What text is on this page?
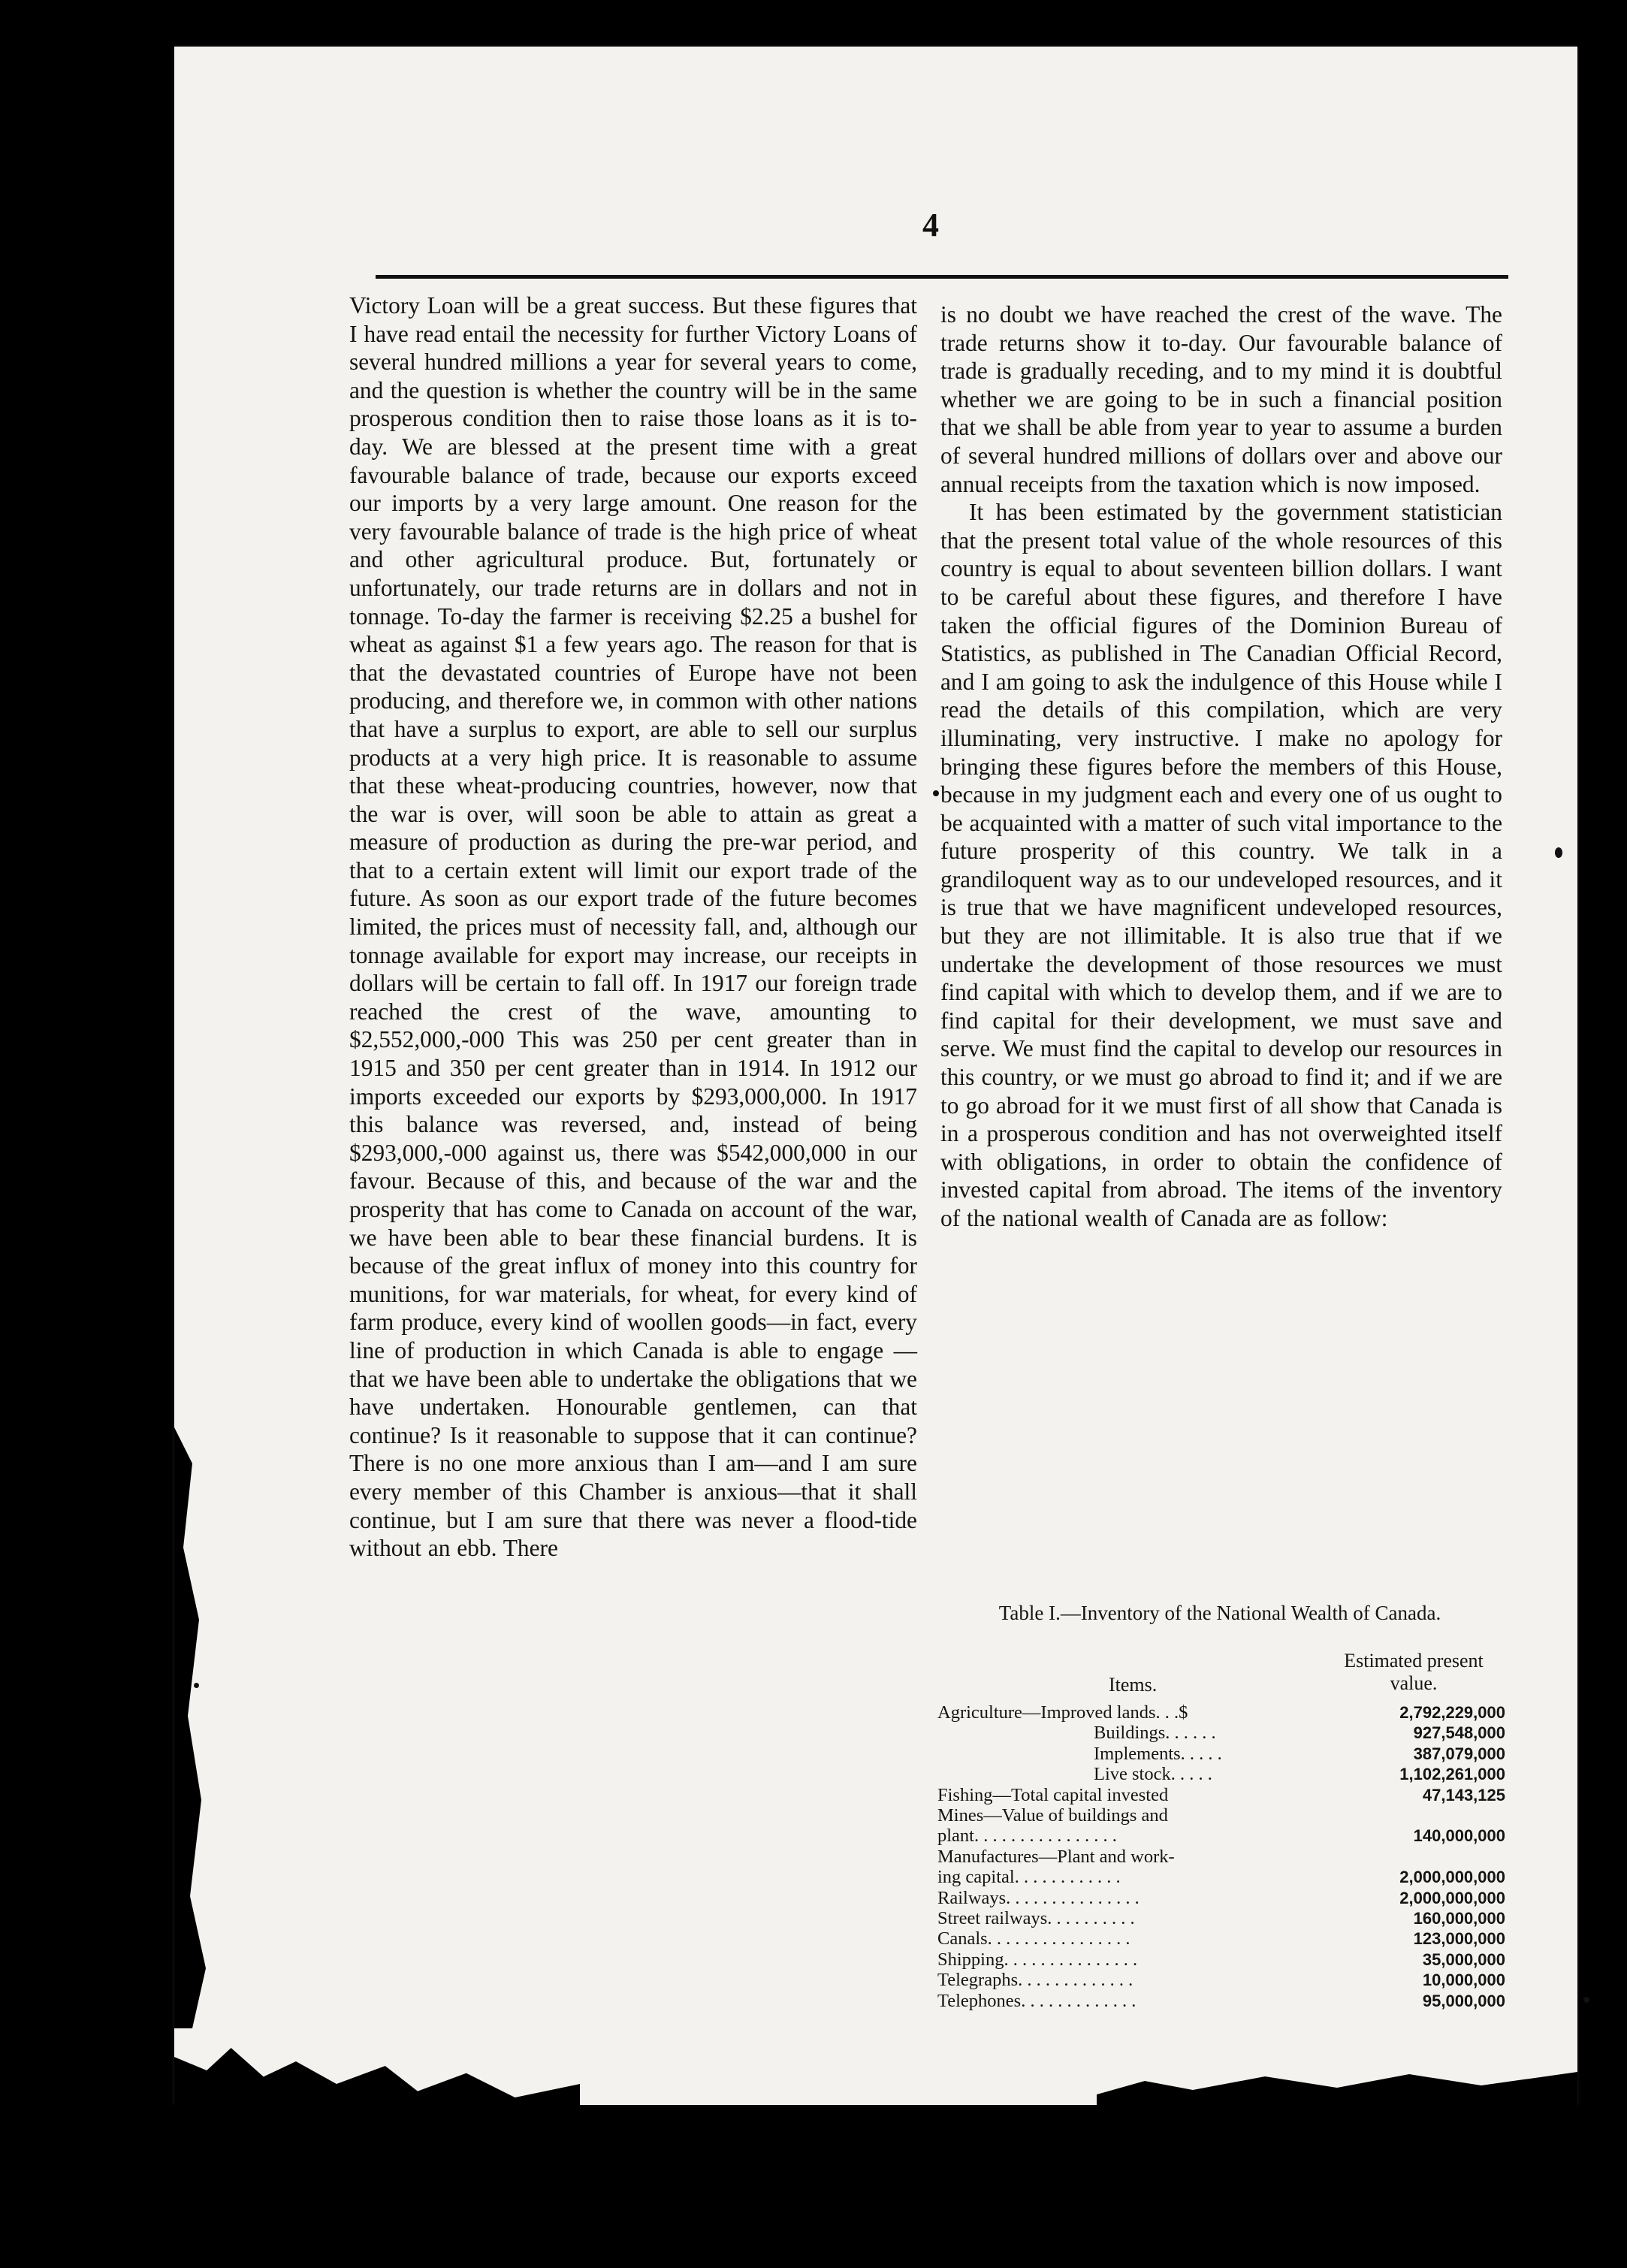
4

Victory Loan will be a great success. But these figures that I have read entail the necessity for further Victory Loans of several hundred millions a year for several years to come, and the question is whether the country will be in the same prosperous condition then to raise those loans as it is to-day. We are blessed at the present time with a great favourable balance of trade, because our exports exceed our imports by a very large amount. One reason for the very favourable balance of trade is the high price of wheat and other agricultural produce. But, fortunately or unfortunately, our trade returns are in dollars and not in tonnage. To-day the farmer is receiving $2.25 a bushel for wheat as against $1 a few years ago. The reason for that is that the devastated countries of Europe have not been producing, and therefore we, in common with other nations that have a surplus to export, are able to sell our surplus products at a very high price. It is reasonable to assume that these wheat-producing countries, however, now that the war is over, will soon be able to attain as great a measure of production as during the pre-war period, and that to a certain extent will limit our export trade of the future. As soon as our export trade of the future becomes limited, the prices must of necessity fall, and, although our tonnage available for export may increase, our receipts in dollars will be certain to fall off. In 1917 our foreign trade reached the crest of the wave, amounting to $2,552,000,-000 This was 250 per cent greater than in 1915 and 350 per cent greater than in 1914. In 1912 our imports exceeded our exports by $293,000,000. In 1917 this balance was reversed, and, instead of being $293,000,-000 against us, there was $542,000,000 in our favour. Because of this, and because of the war and the prosperity that has come to Canada on account of the war, we have been able to bear these financial burdens. It is because of the great influx of money into this country for munitions, for war materials, for wheat, for every kind of farm produce, every kind of woollen goods—in fact, every line of production in which Canada is able to engage —that we have been able to undertake the obligations that we have undertaken. Honourable gentlemen, can that continue? Is it reasonable to suppose that it can continue? There is no one more anxious than I am—and I am sure every member of this Chamber is anxious—that it shall continue, but I am sure that there was never a flood-tide without an ebb. There

is no doubt we have reached the crest of the wave. The trade returns show it to-day. Our favourable balance of trade is gradually receding, and to my mind it is doubtful whether we are going to be in such a financial position that we shall be able from year to year to assume a burden of several hundred millions of dollars over and above our annual receipts from the taxation which is now imposed.

It has been estimated by the government statistician that the present total value of the whole resources of this country is equal to about seventeen billion dollars. I want to be careful about these figures, and therefore I have taken the official figures of the Dominion Bureau of Statistics, as published in The Canadian Official Record, and I am going to ask the indulgence of this House while I read the details of this compilation, which are very illuminating, very instructive. I make no apology for bringing these figures before the members of this House, because in my judgment each and every one of us ought to be acquainted with a matter of such vital importance to the future prosperity of this country. We talk in a grandiloquent way as to our undeveloped resources, and it is true that we have magnificent undeveloped resources, but they are not illimitable. It is also true that if we undertake the development of those resources we must find capital with which to develop them, and if we are to find capital for their development, we must save and serve. We must find the capital to develop our resources in this country, or we must go abroad to find it; and if we are to go abroad for it we must first of all show that Canada is in a prosperous condition and has not overweighted itself with obligations, in order to obtain the confidence of invested capital from abroad. The items of the inventory of the national wealth of Canada are as follow:

Table I.—Inventory of the National Wealth of Canada.
Items.
Estimated present value.
Agriculture—Improved lands. . .$	2,792,229,000
Buildings. . . . . .	927,548,000
Implements. . . . .	387,079,000
Live stock. . . . .	1,102,261,000
Fishing—Total capital invested	47,143,125
Mines—Value of buildings and
plant. . . . . . . . . . . . . . . .	140,000,000
Manufactures—Plant and work-
ing capital. . . . . . . . . . . .	2,000,000,000
Railways. . . . . . . . . . . . . . .	2,000,000,000
Street railways. . . . . . . . . .	160,000,000
Canals. . . . . . . . . . . . . . . .	123,000,000
Shipping. . . . . . . . . . . . . . .	35,000,000
Telegraphs. . . . . . . . . . . . .	10,000,000
Telephones. . . . . . . . . . . . .	95,000,000
